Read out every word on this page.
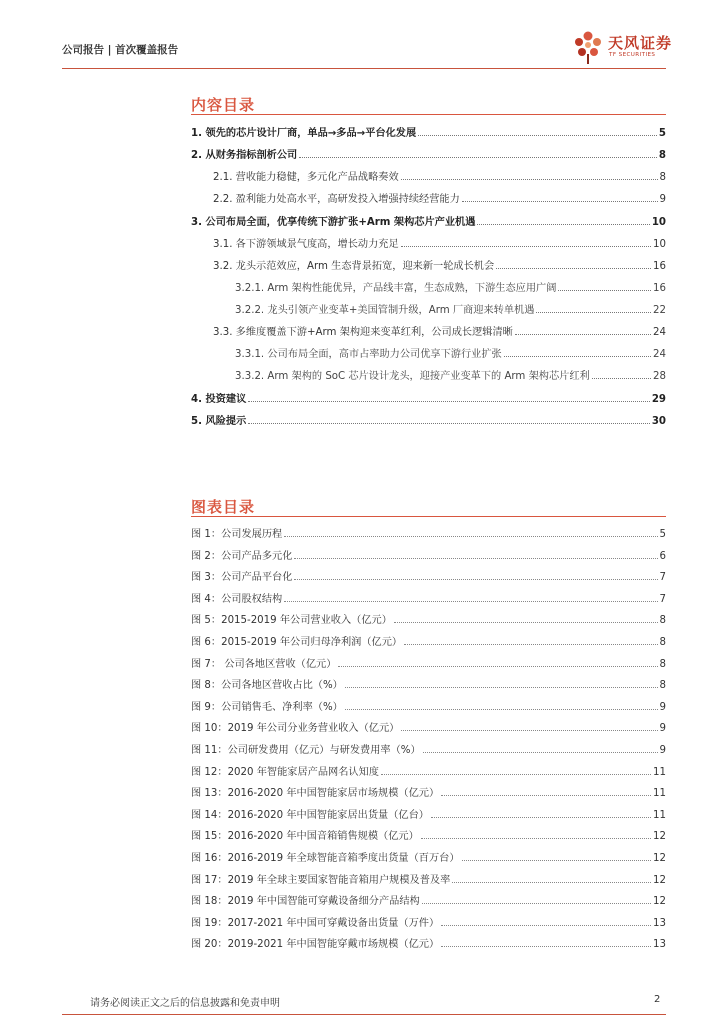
公司报告 | 首次覆盖报告	天风证券
TF SECURITIES
内容目录
1. 领先的芯片设计厂商，单品→多品→平台化发展	5
2. 从财务指标剖析公司	8
2.1. 营收能力稳健，多元化产品战略奏效	8
2.2. 盈利能力处高水平，高研发投入增强持续经营能力	9
3. 公司布局全面，优享传统下游扩张+Arm 架构芯片产业机遇	10
3.1. 各下游领域景气度高，增长动力充足	10
3.2. 龙头示范效应，Arm 生态背景拓宽，迎来新一轮成长机会	16
3.2.1. Arm 架构性能优异，产品线丰富，生态成熟，下游生态应用广阔	16
3.2.2. 龙头引领产业变革+美国管制升级，Arm 厂商迎来转单机遇	22
3.3. 多维度覆盖下游+Arm 架构迎来变革红利，公司成长逻辑清晰	24
3.3.1. 公司布局全面，高市占率助力公司优享下游行业扩张	24
3.3.2. Arm 架构的 SoC 芯片设计龙头，迎接产业变革下的 Arm 架构芯片红利	28
4. 投资建议	29
5. 风险提示	30
图表目录
图 1：公司发展历程	5
图 2：公司产品多元化	6
图 3：公司产品平台化	7
图 4：公司股权结构	7
图 5：2015-2019 年公司营业收入（亿元）	8
图 6：2015-2019 年公司归母净利润（亿元）	8
图 7： 公司各地区营收（亿元）	8
图 8：公司各地区营收占比（%）	8
图 9：公司销售毛、净利率（%）	9
图 10：2019 年公司分业务营业收入（亿元）	9
图 11：公司研发费用（亿元）与研发费用率（%）	9
图 12：2020 年智能家居产品网名认知度	11
图 13：2016-2020 年中国智能家居市场规模（亿元）	11
图 14：2016-2020 年中国智能家居出货量（亿台）	11
图 15：2016-2020 年中国音箱销售规模（亿元）	12
图 16：2016-2019 年全球智能音箱季度出货量（百万台）	12
图 17：2019 年全球主要国家智能音箱用户规模及普及率	12
图 18：2019 年中国智能可穿戴设备细分产品结构	12
图 19：2017-2021 年中国可穿戴设备出货量（万件）	13
图 20：2019-2021 年中国智能穿戴市场规模（亿元）	13
请务必阅读正文之后的信息披露和免责申明	2
